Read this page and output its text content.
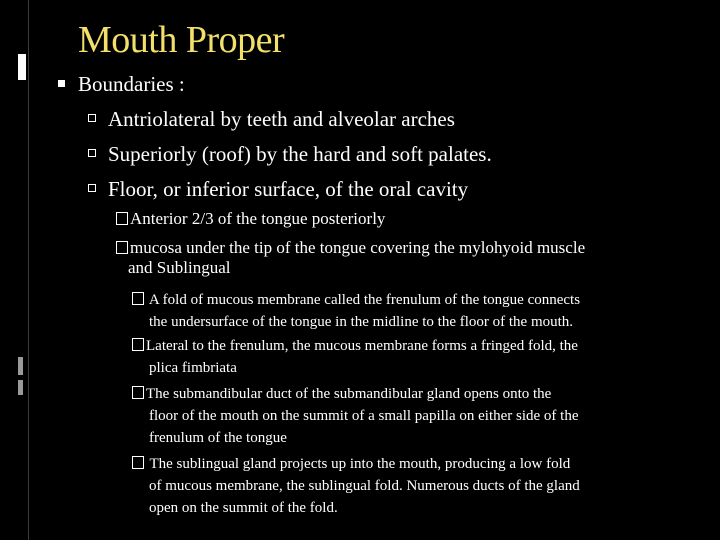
Mouth Proper
Boundaries :
Antriolateral by teeth and alveolar arches
Superiorly (roof) by the hard and soft palates.
Floor, or inferior surface, of the oral cavity
Anterior 2/3 of the tongue posteriorly
mucosa under the tip of the tongue covering the mylohyoid muscle
and Sublingual
A fold of mucous membrane called the frenulum of the tongue connects
the undersurface of the tongue in the midline to the floor of the mouth.
Lateral to the frenulum, the mucous membrane forms a fringed fold, the
plica fimbriata
The submandibular duct of the submandibular gland opens onto the
floor of the mouth on the summit of a small papilla on either side of the
frenulum of the tongue
The sublingual gland projects up into the mouth, producing a low fold
of mucous membrane, the sublingual fold. Numerous ducts of the gland
open on the summit of the fold.
